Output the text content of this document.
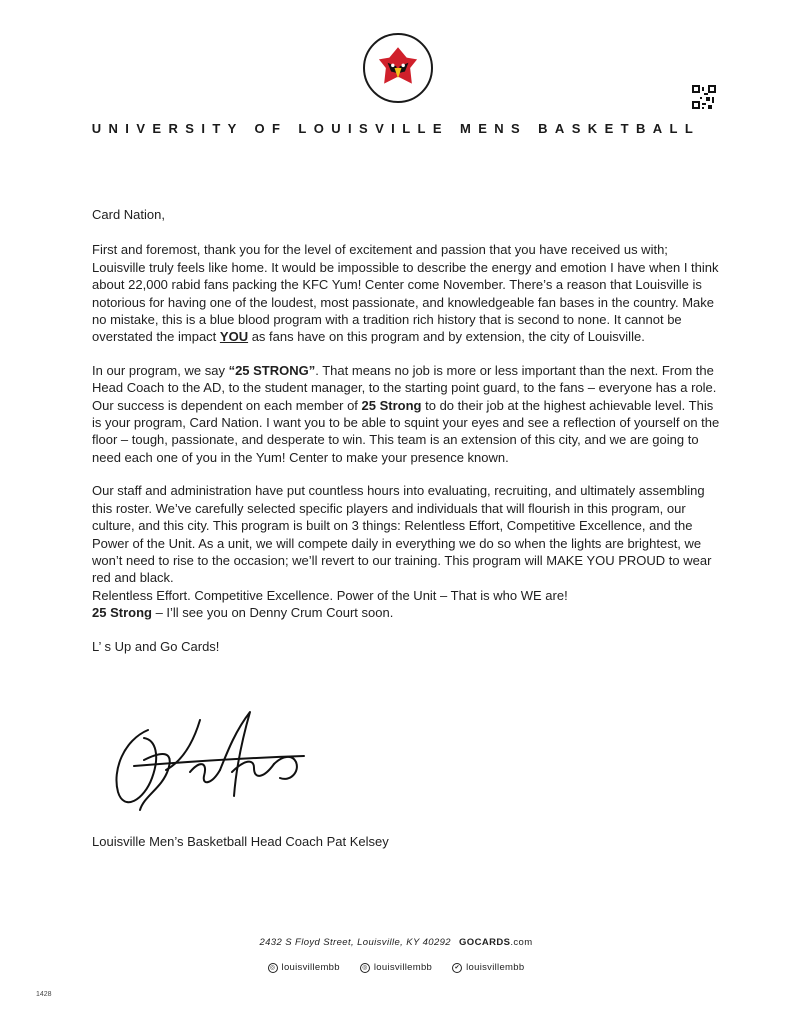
UNIVERSITY OF LOUISVILLE MENS BASKETBALL

Card Nation,

First and foremost, thank you for the level of excitement and passion that you have received us with; Louisville truly feels like home. It would be impossible to describe the energy and emotion I have when I think about 22,000 rabid fans packing the KFC Yum! Center come November. There’s a reason that Louisville is notorious for having one of the loudest, most passionate, and knowledgeable fan bases in the country. Make no mistake, this is a blue blood program with a tradition rich history that is second to none. It cannot be overstated the impact YOU as fans have on this program and by extension, the city of Louisville.

In our program, we say “25 STRONG”. That means no job is more or less important than the next. From the Head Coach to the AD, to the student manager, to the starting point guard, to the fans – everyone has a role. Our success is dependent on each member of 25 Strong to do their job at the highest achievable level. This is your program, Card Nation. I want you to be able to squint your eyes and see a reflection of yourself on the floor – tough, passionate, and desperate to win. This team is an extension of this city, and we are going to need each one of you in the Yum! Center to make your presence known.

Our staff and administration have put countless hours into evaluating, recruiting, and ultimately assembling this roster. We’ve carefully selected specific players and individuals that will flourish in this program, our culture, and this city. This program is built on 3 things: Relentless Effort, Competitive Excellence, and the Power of the Unit. As a unit, we will compete daily in everything we do so when the lights are brightest, we won’t need to rise to the occasion; we’ll revert to our training. This program will MAKE YOU PROUD to wear red and black.
Relentless Effort. Competitive Excellence. Power of the Unit – That is who WE are!
25 Strong – I’ll see you on Denny Crum Court soon.

L’ s Up and Go Cards!

Louisville Men’s Basketball Head Coach Pat Kelsey
2432 S Floyd Street, Louisville, KY 40292 GOCARDS.com
◎ louisvillembb	◎ louisvillembb	✔ louisvillembb
1428
